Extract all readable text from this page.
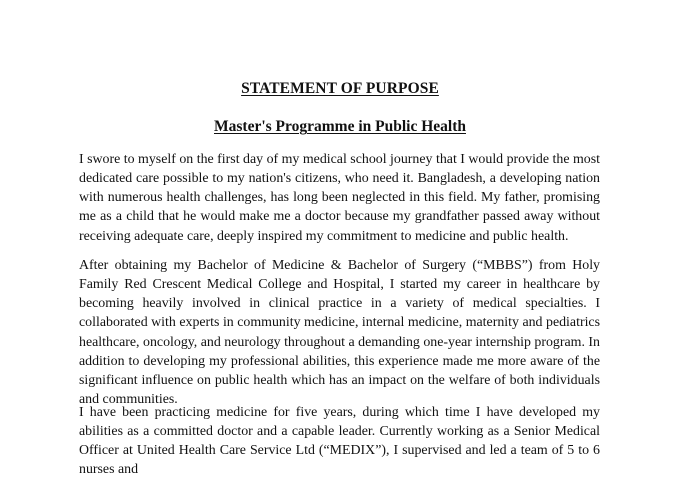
STATEMENT OF PURPOSE
Master's Programme in Public Health

I swore to myself on the first day of my medical school journey that I would provide the most dedicated care possible to my nation's citizens, who need it. Bangladesh, a developing nation with numerous health challenges, has long been neglected in this field. My father, promising me as a child that he would make me a doctor because my grandfather passed away without receiving adequate care, deeply inspired my commitment to medicine and public health.

After obtaining my Bachelor of Medicine & Bachelor of Surgery (“MBBS”) from Holy Family Red Crescent Medical College and Hospital, I started my career in healthcare by becoming heavily involved in clinical practice in a variety of medical specialties. I collaborated with experts in community medicine, internal medicine, maternity and pediatrics healthcare, oncology, and neurology throughout a demanding one-year internship program. In addition to developing my professional abilities, this experience made me more aware of the significant influence on public health which has an impact on the welfare of both individuals and communities.

I have been practicing medicine for five years, during which time I have developed my abilities as a committed doctor and a capable leader. Currently working as a Senior Medical Officer at United Health Care Service Ltd (“MEDIX”), I supervised and led a team of 5 to 6 nurses and
